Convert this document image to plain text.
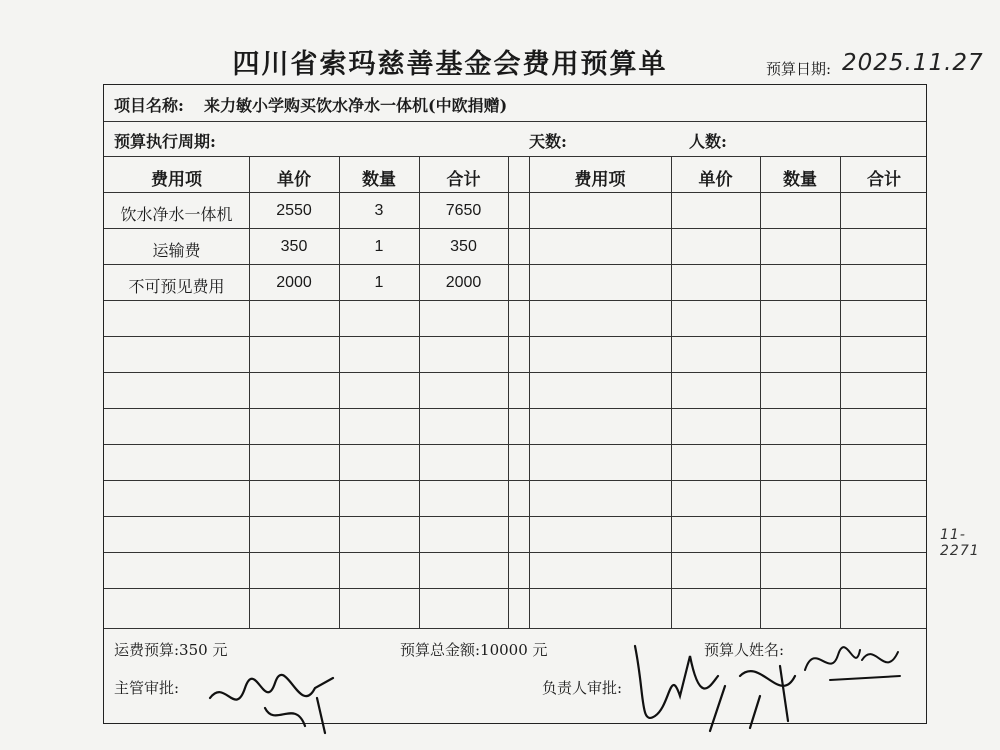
四川省索玛慈善基金会费用预算单	预算日期: 2025.11.27
11-2271
项目名称: 来力敏小学购买饮水净水一体机(中欧捐赠)
预算执行周期:	天数:	人数:
费用项	单价	数量	合计	费用项	单价	数量	合计
饮水净水一体机	2550	3	7650
运输费	350	1	350
不可预见费用	2000	1	2000
运费预算:350 元	预算总金额:10000 元	预算人姓名:
主管审批:	负责人审批:
